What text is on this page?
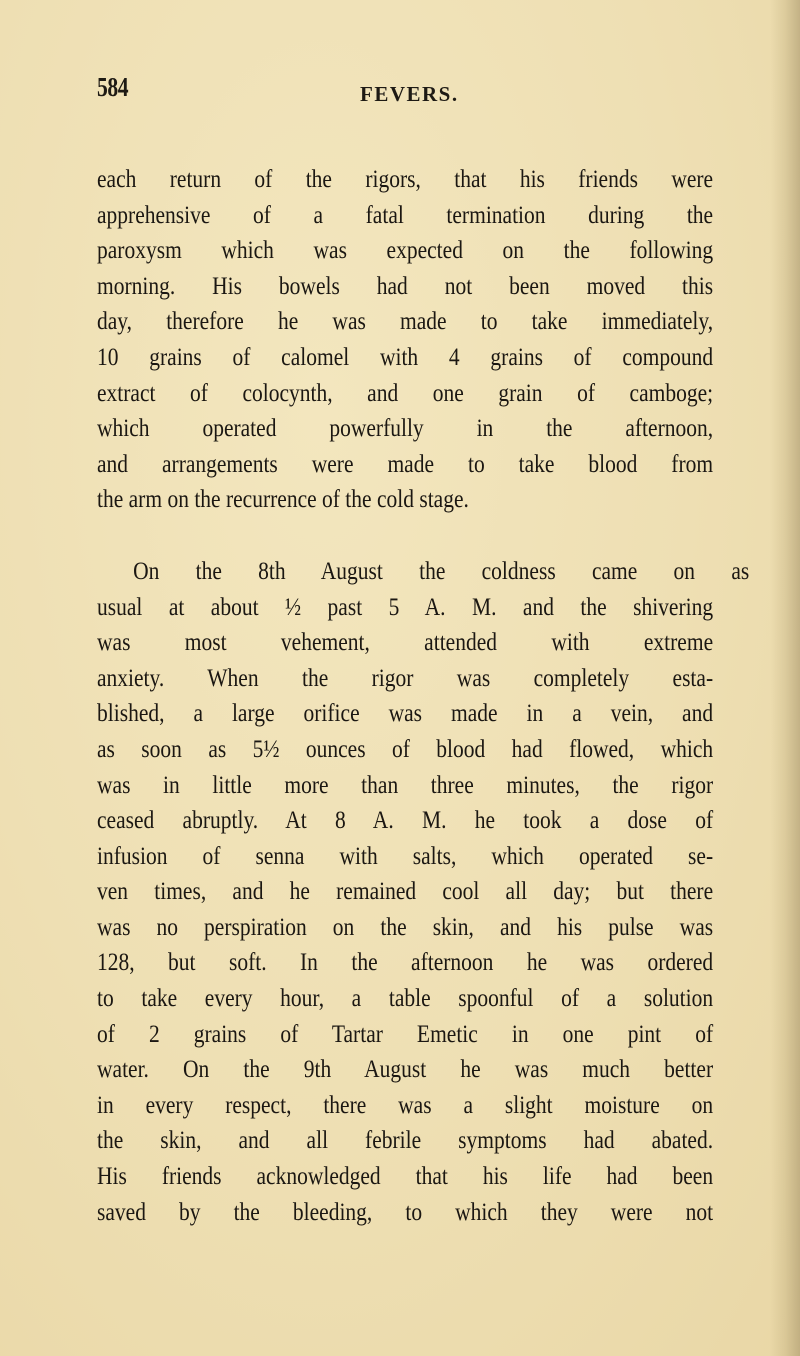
584	FEVERS.
each return of the rigors, that his friends were
apprehensive of a fatal termination during the
paroxysm which was expected on the following
morning. His bowels had not been moved this
day, therefore he was made to take immediately,
10 grains of calomel with 4 grains of compound
extract of colocynth, and one grain of camboge;
which operated powerfully in the afternoon,
and arrangements were made to take blood from
the arm on the recurrence of the cold stage.
On the 8th August the coldness came on as
usual at about ½ past 5 A. M. and the shivering
was most vehement, attended with extreme
anxiety. When the rigor was completely esta-
blished, a large orifice was made in a vein, and
as soon as 5½ ounces of blood had flowed, which
was in little more than three minutes, the rigor
ceased abruptly. At 8 A. M. he took a dose of
infusion of senna with salts, which operated se-
ven times, and he remained cool all day; but there
was no perspiration on the skin, and his pulse was
128, but soft. In the afternoon he was ordered
to take every hour, a table spoonful of a solution
of 2 grains of Tartar Emetic in one pint of
water. On the 9th August he was much better
in every respect, there was a slight moisture on
the skin, and all febrile symptoms had abated.
His friends acknowledged that his life had been
saved by the bleeding, to which they were not
